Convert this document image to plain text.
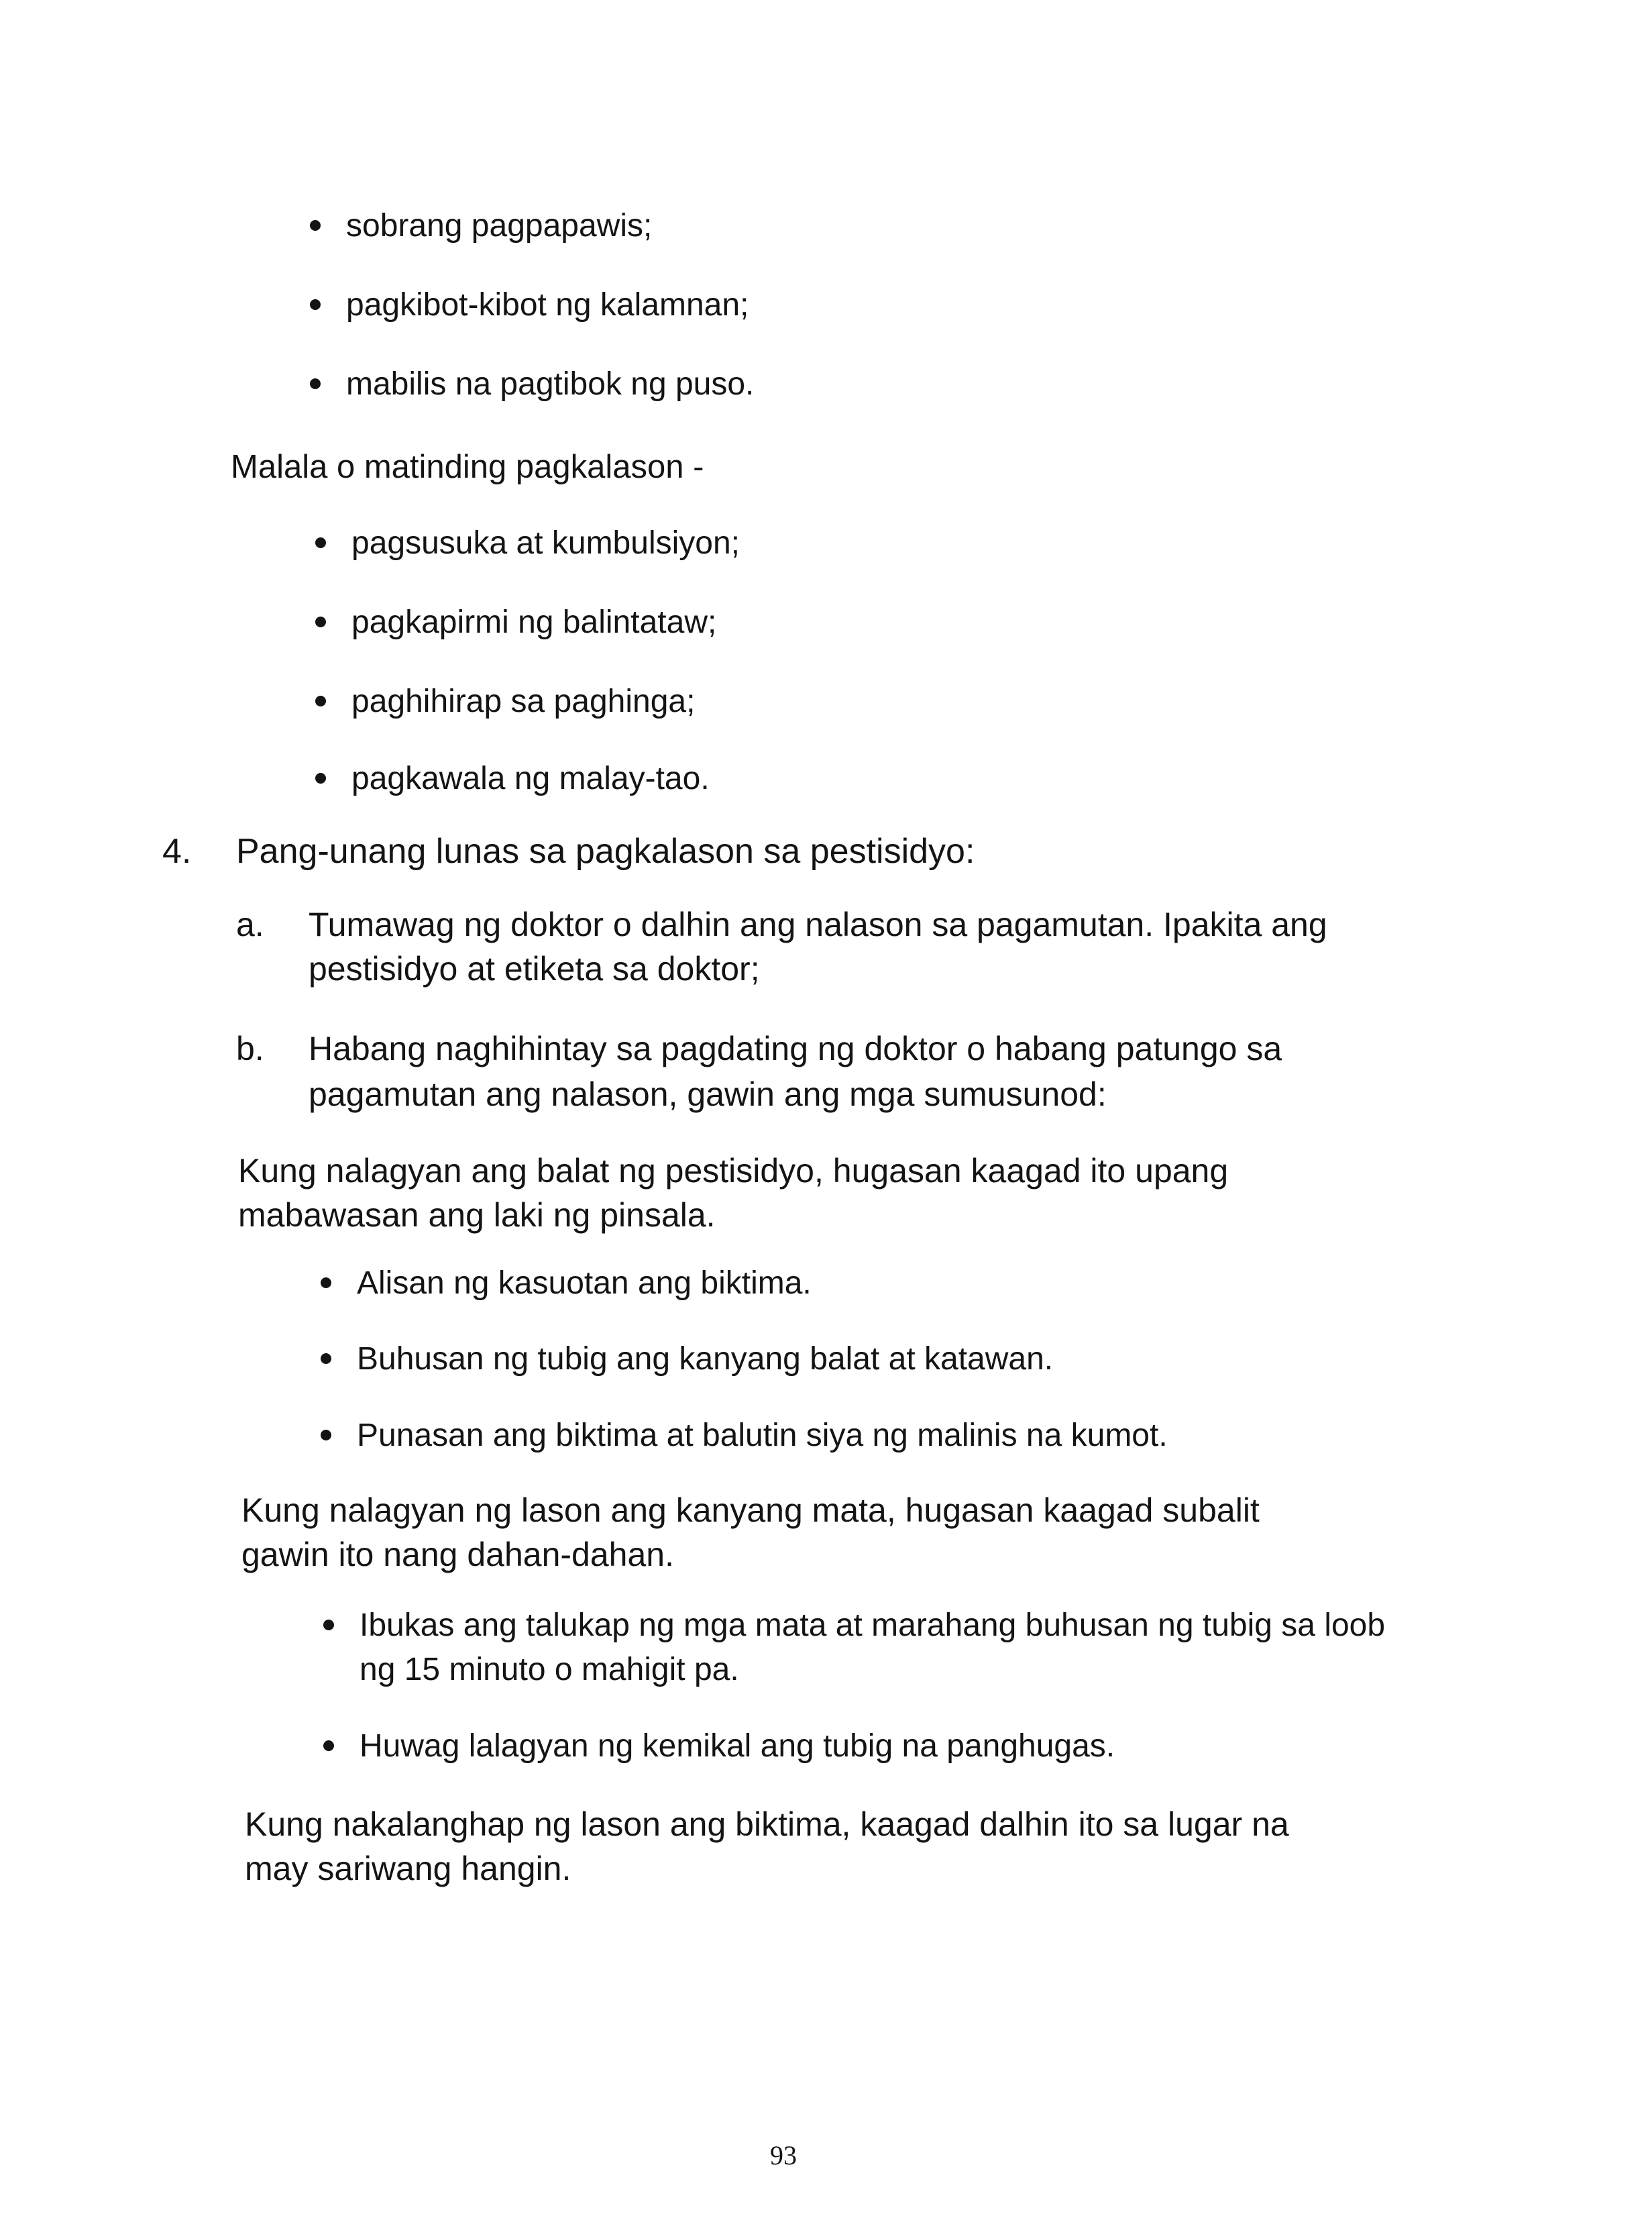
sobrang pagpapawis;
pagkibot-kibot ng kalamnan;
mabilis na pagtibok ng puso.
Malala o matinding pagkalason -
pagsusuka at kumbulsiyon;
pagkapirmi ng balintataw;
paghihirap sa paghinga;
pagkawala ng malay-tao.
4. Pang-unang lunas sa pagkalason sa pestisidyo:
a. Tumawag ng doktor o dalhin ang nalason sa pagamutan. Ipakita ang
pestisidyo at etiketa sa doktor;
b. Habang naghihintay sa pagdating ng doktor o habang patungo sa
pagamutan ang nalason, gawin ang mga sumusunod:
Kung nalagyan ang balat ng pestisidyo, hugasan kaagad ito upang
mabawasan ang laki ng pinsala.
Alisan ng kasuotan ang biktima.
Buhusan ng tubig ang kanyang balat at katawan.
Punasan ang biktima at balutin siya ng malinis na kumot.
Kung nalagyan ng lason ang kanyang mata, hugasan kaagad subalit
gawin ito nang dahan-dahan.
Ibukas ang talukap ng mga mata at marahang buhusan ng tubig sa loob
ng 15 minuto o mahigit pa.
Huwag lalagyan ng kemikal ang tubig na panghugas.
Kung nakalanghap ng lason ang biktima, kaagad dalhin ito sa lugar na
may sariwang hangin.
93
